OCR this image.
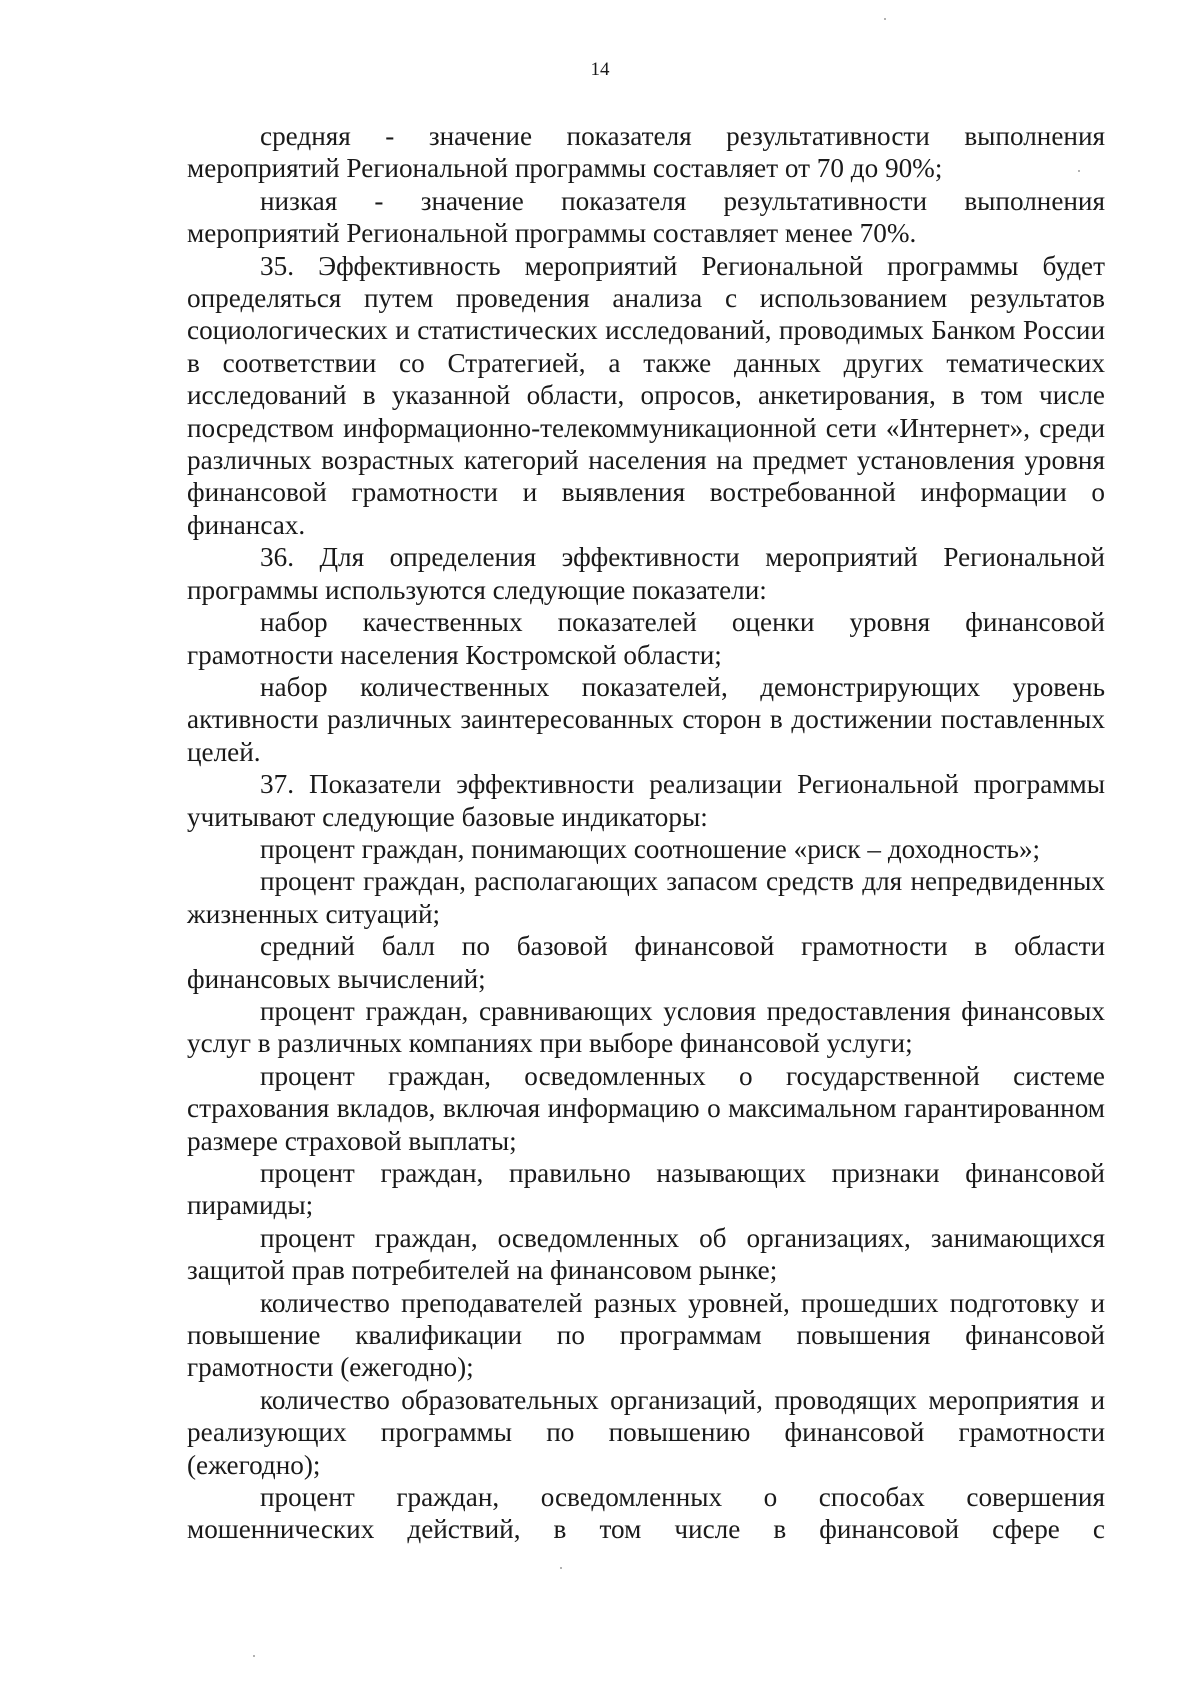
14

средняя - значение показателя результативности выполнения мероприятий Региональной программы составляет от 70 до 90%;

низкая - значение показателя результативности выполнения мероприятий Региональной программы составляет менее 70%.

35. Эффективность мероприятий Региональной программы будет определяться путем проведения анализа с использованием результатов социологических и статистических исследований, проводимых Банком России в соответствии со Стратегией, а также данных других тематических исследований в указанной области, опросов, анкетирования, в том числе посредством информационно-телекоммуникационной сети «Интернет», среди различных возрастных категорий населения на предмет установления уровня финансовой грамотности и выявления востребованной информации о финансах.

36. Для определения эффективности мероприятий Региональной программы используются следующие показатели:

набор качественных показателей оценки уровня финансовой грамотности населения Костромской области;

набор количественных показателей, демонстрирующих уровень активности различных заинтересованных сторон в достижении поставленных целей.

37. Показатели эффективности реализации Региональной программы учитывают следующие базовые индикаторы:

процент граждан, понимающих соотношение «риск – доходность»;

процент граждан, располагающих запасом средств для непредвиденных жизненных ситуаций;

средний балл по базовой финансовой грамотности в области финансовых вычислений;

процент граждан, сравнивающих условия предоставления финансовых услуг в различных компаниях при выборе финансовой услуги;

процент граждан, осведомленных о государственной системе страхования вкладов, включая информацию о максимальном гарантированном размере страховой выплаты;

процент граждан, правильно называющих признаки финансовой пирамиды;

процент граждан, осведомленных об организациях, занимающихся защитой прав потребителей на финансовом рынке;

количество преподавателей разных уровней, прошедших подготовку и повышение квалификации по программам повышения финансовой грамотности (ежегодно);

количество образовательных организаций, проводящих мероприятия и реализующих программы по повышению финансовой грамотности (ежегодно);

процент граждан, осведомленных о способах совершения мошеннических действий, в том числе в финансовой сфере с
